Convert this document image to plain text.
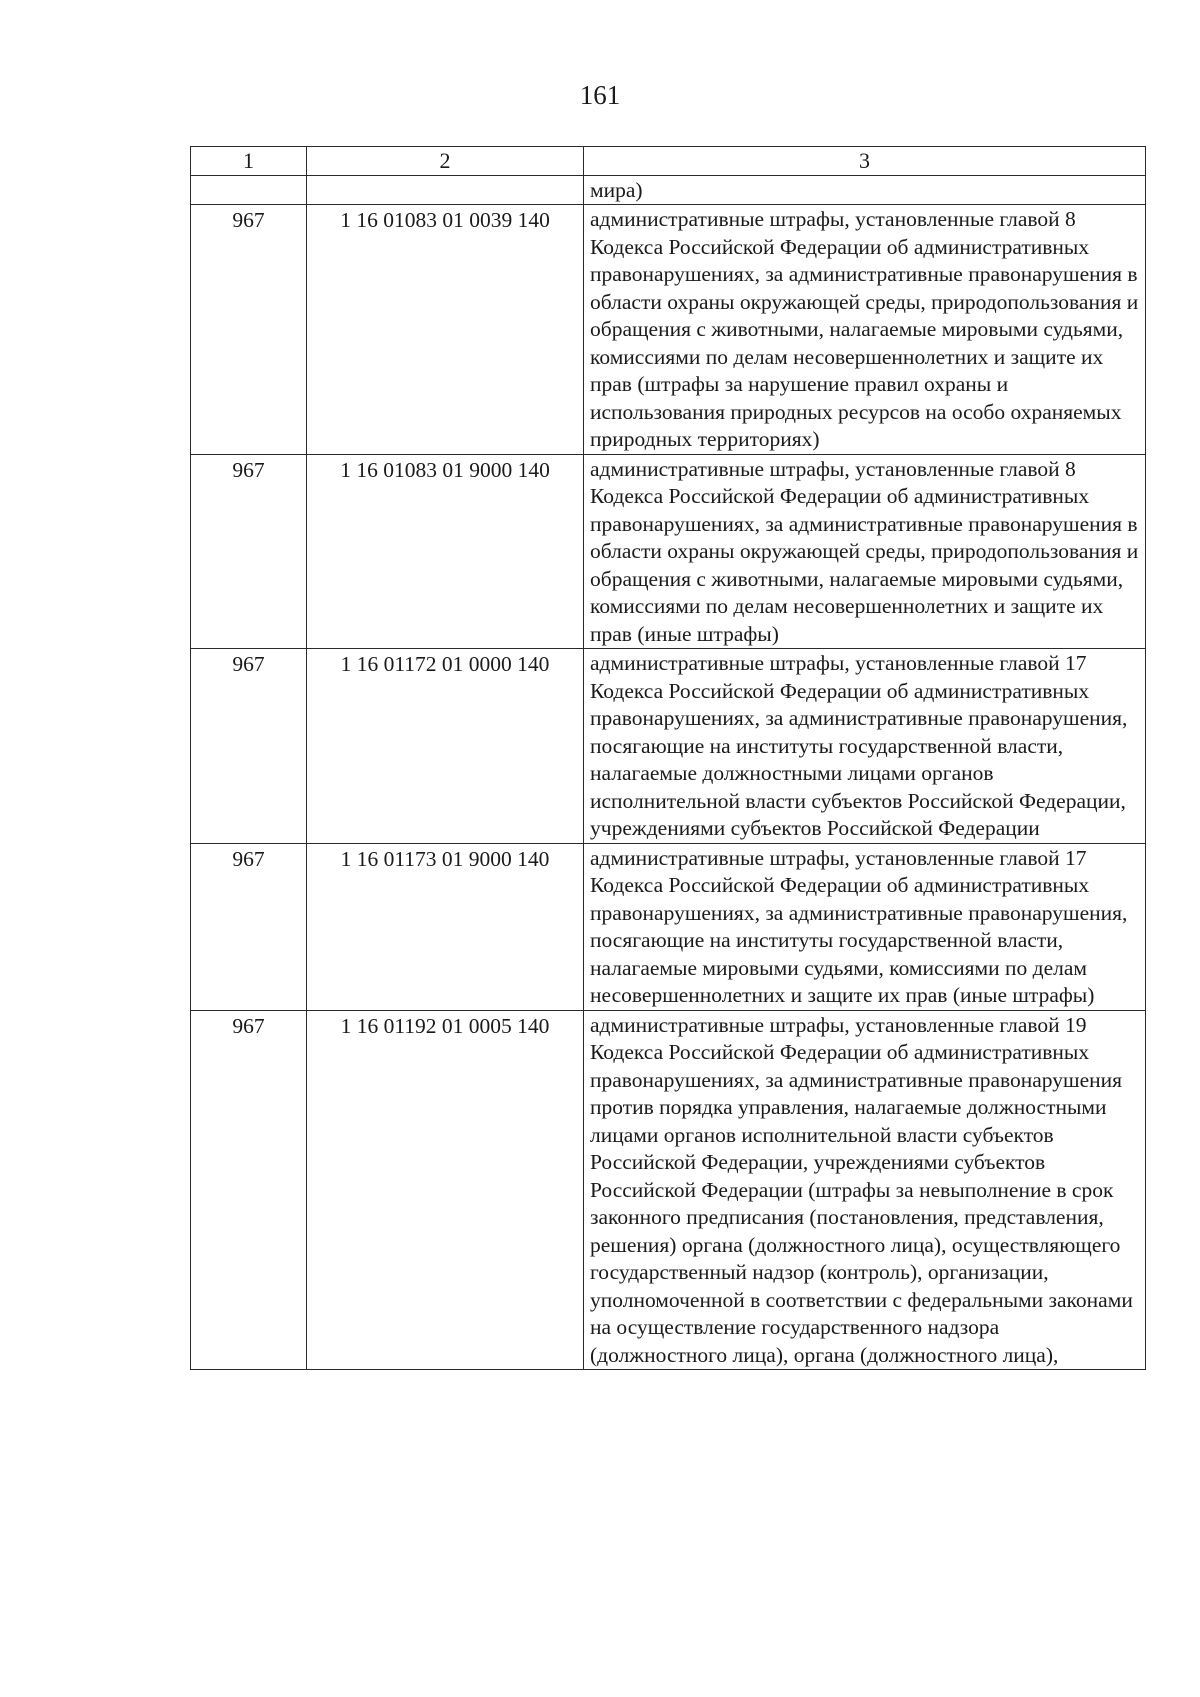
161
1	2	3
		мира)
967	1 16 01083 01 0039 140	административные штрафы, установленные главой 8 Кодекса Российской Федерации об административных правонарушениях, за административные правонарушения в области охраны окружающей среды, природопользования и обращения с животными, налагаемые мировыми судьями, комиссиями по делам несовершеннолетних и защите их прав (штрафы за нарушение правил охраны и использования природных ресурсов на особо охраняемых природных территориях)
967	1 16 01083 01 9000 140	административные штрафы, установленные главой 8 Кодекса Российской Федерации об административных правонарушениях, за административные правонарушения в области охраны окружающей среды, природопользования и обращения с животными, налагаемые мировыми судьями, комиссиями по делам несовершеннолетних и защите их прав (иные штрафы)
967	1 16 01172 01 0000 140	административные штрафы, установленные главой 17 Кодекса Российской Федерации об административных правонарушениях, за административные правонарушения, посягающие на институты государственной власти, налагаемые должностными лицами органов исполнительной власти субъектов Российской Федерации, учреждениями субъектов Российской Федерации
967	1 16 01173 01 9000 140	административные штрафы, установленные главой 17 Кодекса Российской Федерации об административных правонарушениях, за административные правонарушения, посягающие на институты государственной власти, налагаемые мировыми судьями, комиссиями по делам несовершеннолетних и защите их прав (иные штрафы)
967	1 16 01192 01 0005 140	административные штрафы, установленные главой 19 Кодекса Российской Федерации об административных правонарушениях, за административные правонарушения против порядка управления, налагаемые должностными лицами органов исполнительной власти субъектов Российской Федерации, учреждениями субъектов Российской Федерации (штрафы за невыполнение в срок законного предписания (постановления, представления, решения) органа (должностного лица), осуществляющего государственный надзор (контроль), организации, уполномоченной в соответствии с федеральными законами на осуществление государственного надзора (должностного лица), органа (должностного лица),
